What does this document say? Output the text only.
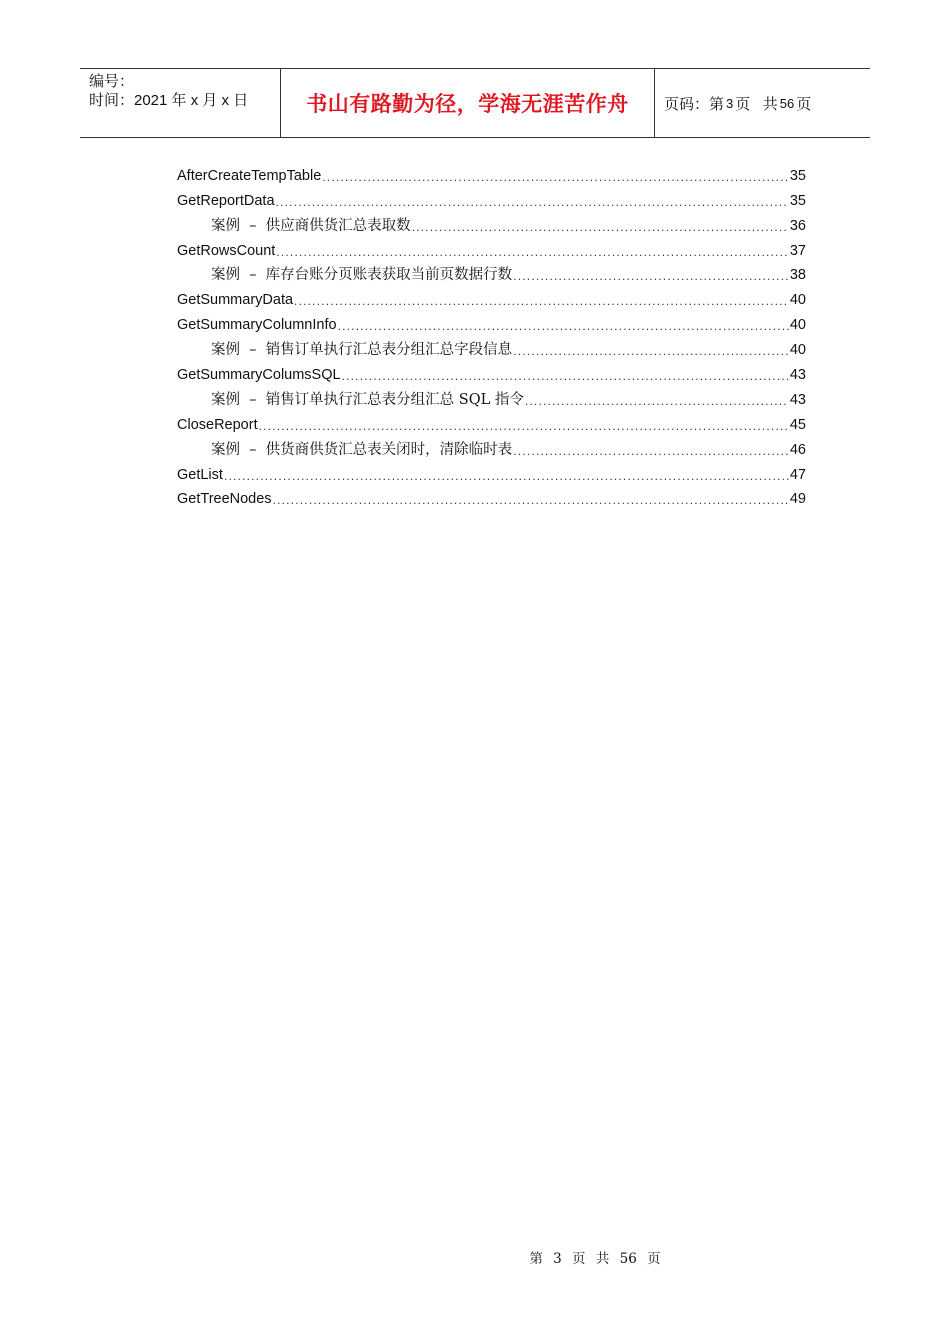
编号：
时间：2021 年 x 月 x 日	书山有路勤为径，学海无涯苦作舟 页码：第 3 页   共 56 页
AfterCreateTempTable .....	35
GetReportData .....	35
案例  –  供应商供货汇总表取数 .....	36
GetRowsCount .....	37
案例  –  库存台账分页账表获取当前页数据行数 .....	38
GetSummaryData .....	40
GetSummaryColumnInfo .....	40
案例  –  销售订单执行汇总表分组汇总字段信息 .....	40
GetSummaryColumsSQL .....	43
案例  –  销售订单执行汇总表分组汇总 SQL 指令 .....	43
CloseReport .....	45
案例  –  供货商供货汇总表关闭时，清除临时表 .....	46
GetList .....	47
GetTreeNodes .....	49
第 3 页 共 56 页
